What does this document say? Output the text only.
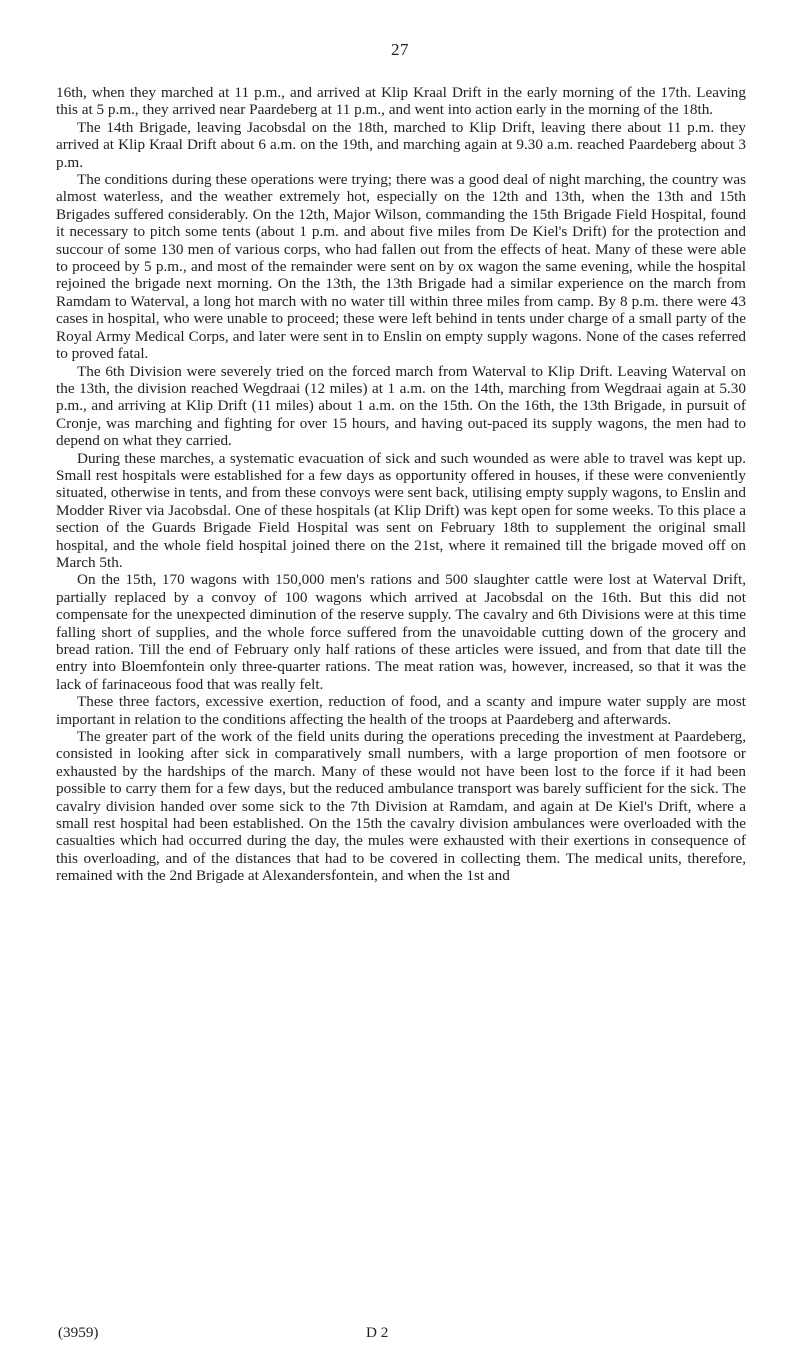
27

16th, when they marched at 11 p.m., and arrived at Klip Kraal Drift in the early morning of the 17th. Leaving this at 5 p.m., they arrived near Paardeberg at 11 p.m., and went into action early in the morning of the 18th.

The 14th Brigade, leaving Jacobsdal on the 18th, marched to Klip Drift, leaving there about 11 p.m. they arrived at Klip Kraal Drift about 6 a.m. on the 19th, and marching again at 9.30 a.m. reached Paardeberg about 3 p.m.

The conditions during these operations were trying; there was a good deal of night marching, the country was almost waterless, and the weather extremely hot, especially on the 12th and 13th, when the 13th and 15th Brigades suffered considerably. On the 12th, Major Wilson, commanding the 15th Brigade Field Hospital, found it necessary to pitch some tents (about 1 p.m. and about five miles from De Kiel's Drift) for the protection and succour of some 130 men of various corps, who had fallen out from the effects of heat. Many of these were able to proceed by 5 p.m., and most of the remainder were sent on by ox wagon the same evening, while the hospital rejoined the brigade next morning. On the 13th, the 13th Brigade had a similar experience on the march from Ramdam to Waterval, a long hot march with no water till within three miles from camp. By 8 p.m. there were 43 cases in hospital, who were unable to proceed; these were left behind in tents under charge of a small party of the Royal Army Medical Corps, and later were sent in to Enslin on empty supply wagons. None of the cases referred to proved fatal.

The 6th Division were severely tried on the forced march from Waterval to Klip Drift. Leaving Waterval on the 13th, the division reached Wegdraai (12 miles) at 1 a.m. on the 14th, marching from Wegdraai again at 5.30 p.m., and arriving at Klip Drift (11 miles) about 1 a.m. on the 15th. On the 16th, the 13th Brigade, in pursuit of Cronje, was marching and fighting for over 15 hours, and having out-paced its supply wagons, the men had to depend on what they carried.

During these marches, a systematic evacuation of sick and such wounded as were able to travel was kept up. Small rest hospitals were established for a few days as opportunity offered in houses, if these were conveniently situated, otherwise in tents, and from these convoys were sent back, utilising empty supply wagons, to Enslin and Modder River via Jacobsdal. One of these hospitals (at Klip Drift) was kept open for some weeks. To this place a section of the Guards Brigade Field Hospital was sent on February 18th to supplement the original small hospital, and the whole field hospital joined there on the 21st, where it remained till the brigade moved off on March 5th.

On the 15th, 170 wagons with 150,000 men's rations and 500 slaughter cattle were lost at Waterval Drift, partially replaced by a convoy of 100 wagons which arrived at Jacobsdal on the 16th. But this did not compensate for the unexpected diminution of the reserve supply. The cavalry and 6th Divisions were at this time falling short of supplies, and the whole force suffered from the unavoidable cutting down of the grocery and bread ration. Till the end of February only half rations of these articles were issued, and from that date till the entry into Bloemfontein only three-quarter rations. The meat ration was, however, increased, so that it was the lack of farinaceous food that was really felt.

These three factors, excessive exertion, reduction of food, and a scanty and impure water supply are most important in relation to the conditions affecting the health of the troops at Paardeberg and afterwards.

The greater part of the work of the field units during the operations preceding the investment at Paardeberg, consisted in looking after sick in comparatively small numbers, with a large proportion of men footsore or exhausted by the hardships of the march. Many of these would not have been lost to the force if it had been possible to carry them for a few days, but the reduced ambulance transport was barely sufficient for the sick. The cavalry division handed over some sick to the 7th Division at Ramdam, and again at De Kiel's Drift, where a small rest hospital had been established. On the 15th the cavalry division ambulances were overloaded with the casualties which had occurred during the day, the mules were exhausted with their exertions in consequence of this overloading, and of the distances that had to be covered in collecting them. The medical units, therefore, remained with the 2nd Brigade at Alexandersfontein, and when the 1st and

(3959)	D 2
